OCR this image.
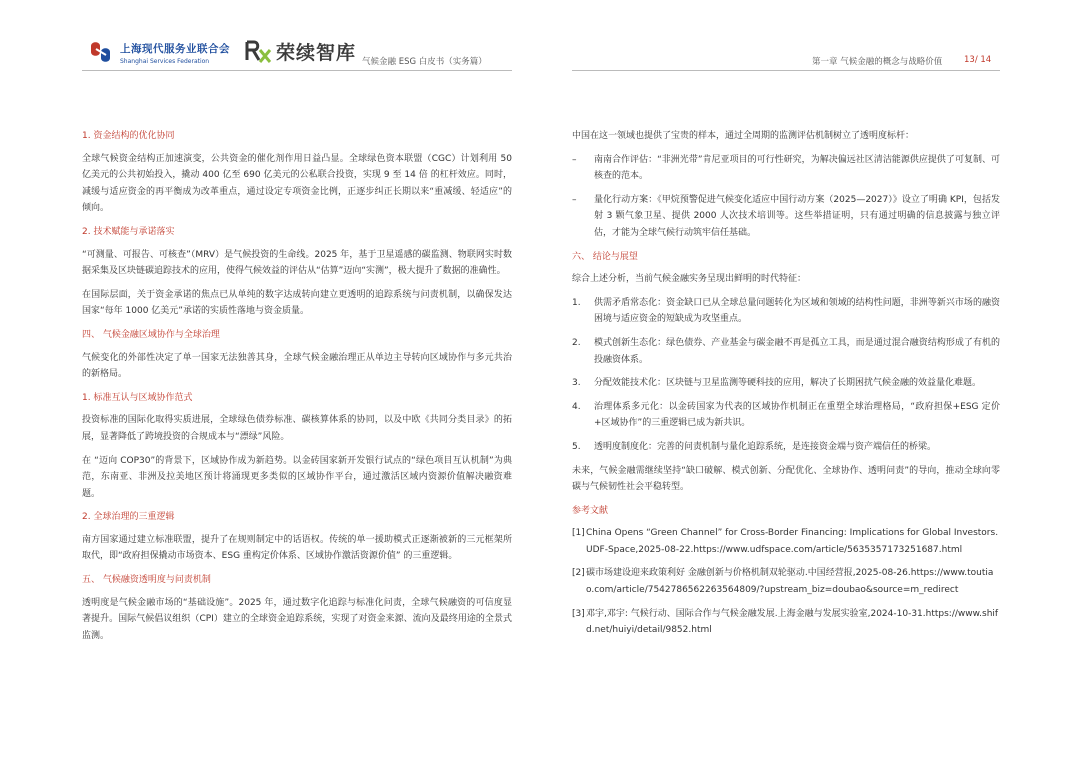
上海现代服务业联合会
Shanghai Services Federation	荣续智库 气候金融 ESG 白皮书（实务篇）	第一章 气候金融的概念与战略价值	13/ 14
1. 资金结构的优化协同

全球气候资金结构正加速演变，公共资金的催化剂作用日益凸显。全球绿色资本联盟（CGC）计划利用 50 亿美元的公共初始投入，撬动 400 亿至 690 亿美元的公私联合投资，实现 9 至 14 倍 的杠杆效应。同时，减缓与适应资金的再平衡成为改革重点，通过设定专项资金比例，正逐步纠正长期以来“重减缓、轻适应”的倾向。

2. 技术赋能与承诺落实

“可测量、可报告、可核查”（MRV）是气候投资的生命线。2025 年，基于卫星遥感的碳监测、物联网实时数据采集及区块链碳追踪技术的应用，使得气候效益的评估从“估算”迈向“实测”，极大提升了数据的准确性。

在国际层面，关于资金承诺的焦点已从单纯的数字达成转向建立更透明的追踪系统与问责机制，以确保发达国家“每年 1000 亿美元”承诺的实质性落地与资金质量。

四、 气候金融区域协作与全球治理

气候变化的外部性决定了单一国家无法独善其身，全球气候金融治理正从单边主导转向区域协作与多元共治的新格局。

1. 标准互认与区域协作范式

投资标准的国际化取得实质进展，全球绿色债券标准、碳核算体系的协同，以及中欧《共同分类目录》的拓展，显著降低了跨境投资的合规成本与“漂绿”风险。

在 “迈向 COP30”的背景下，区域协作成为新趋势。以金砖国家新开发银行试点的“绿色项目互认机制”为典范，东南亚、非洲及拉美地区预计将涌现更多类似的区域协作平台，通过激活区域内资源价值解决融资难题。

2. 全球治理的三重逻辑

南方国家通过建立标准联盟，提升了在规则制定中的话语权。传统的单一援助模式正逐渐被新的三元框架所取代，即“政府担保撬动市场资本、ESG 重构定价体系、区域协作激活资源价值” 的三重逻辑。

五、 气候融资透明度与问责机制

透明度是气候金融市场的“基础设施”。2025 年，通过数字化追踪与标准化问责，全球气候融资的可信度显著提升。国际气候倡议组织（CPI）建立的全球资金追踪系统，实现了对资金来源、流向及最终用途的全景式监测。

中国在这一领域也提供了宝贵的样本，通过全周期的监测评估机制树立了透明度标杆：

–	南南合作评估：“非洲光带”肯尼亚项目的可行性研究，为解决偏远社区清洁能源供应提供了可复制、可核查的范本。
–	量化行动方案：《甲烷预警促进气候变化适应中国行动方案（2025—2027）》设立了明确 KPI，包括发射 3 颗气象卫星、提供 2000 人次技术培训等。这些举措证明，只有通过明确的信息披露与独立评估，才能为全球气候行动筑牢信任基础。
六、 结论与展望

综合上述分析，当前气候金融实务呈现出鲜明的时代特征：

1.	供需矛盾常态化：资金缺口已从全球总量问题转化为区域和领域的结构性问题，非洲等新兴市场的融资困境与适应资金的短缺成为攻坚重点。
2.	模式创新生态化：绿色债券、产业基金与碳金融不再是孤立工具，而是通过混合融资结构形成了有机的投融资体系。
3.	分配效能技术化：区块链与卫星监测等硬科技的应用，解决了长期困扰气候金融的效益量化难题。
4.	治理体系多元化：以金砖国家为代表的区域协作机制正在重塑全球治理格局，“政府担保+ESG 定价+区域协作”的三重逻辑已成为新共识。
5.	透明度制度化：完善的问责机制与量化追踪系统，是连接资金端与资产端信任的桥梁。

未来，气候金融需继续坚持“缺口破解、模式创新、分配优化、全球协作、透明问责”的导向，推动全球向零碳与气候韧性社会平稳转型。

参考文献
[1] China Opens “Green Channel” for Cross-Border Financing: Implications for Global Investors.UDF-Space,2025-08-22.https://www.udfspace.com/article/5635357173251687.html
[2] 碳市场建设迎来政策利好 金融创新与价格机制双轮驱动.中国经营报,2025-08-26.https://www.toutiao.com/article/7542786562263564809/?upstream_biz=doubao&source=m_redirect
[3] 邓宇,邓宇: 气候行动、国际合作与气候金融发展.上海金融与发展实验室,2024-10-31.https://www.shifd.net/huiyi/detail/9852.html
